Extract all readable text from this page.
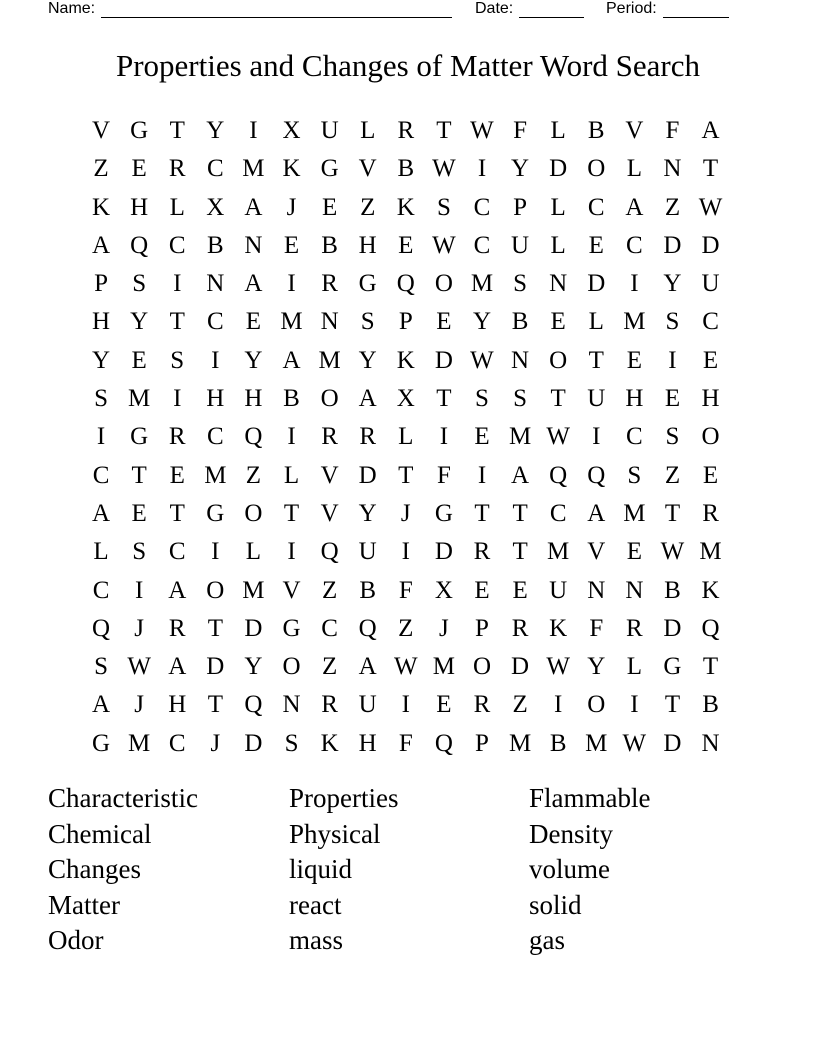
Name:	Date:	Period:
Properties and Changes of Matter Word Search
V G T Y I X U L R T W F L B V F A
Z E R C M K G V B W I Y D O L N T
K H L X A J	E Z K S C P L C A Z W
A Q C B N E B H E W C U L E C D D
P S	I N A I	R G Q O M S N D I Y U
H Y T C E M N S P E Y B E L M S C
Y E S	I Y A M Y K D W N O T E	I	E
S M I H H B O A X T S S T U H E H
I G R C Q I	R R L	I	E M W I	C S O
C T E M Z L V D T F	I A Q Q S Z E
A E T G O T V Y J G T T C A M T R
L S C	I	L	I Q U I D R T M V E W M
C	I A O M V Z B F X E E U N N B K
Q J R T D G C Q Z	J	P R K F R D Q
S W A D Y O Z A W M O D W Y L G T
A J H T Q N R U I	E R Z	I O I	T B
G M C J D S K H F Q P M B M W D N
Characteristic
Chemical
Changes
Matter
Odor
Properties
Physical
liquid
react
mass
Flammable
Density
volume
solid
gas
